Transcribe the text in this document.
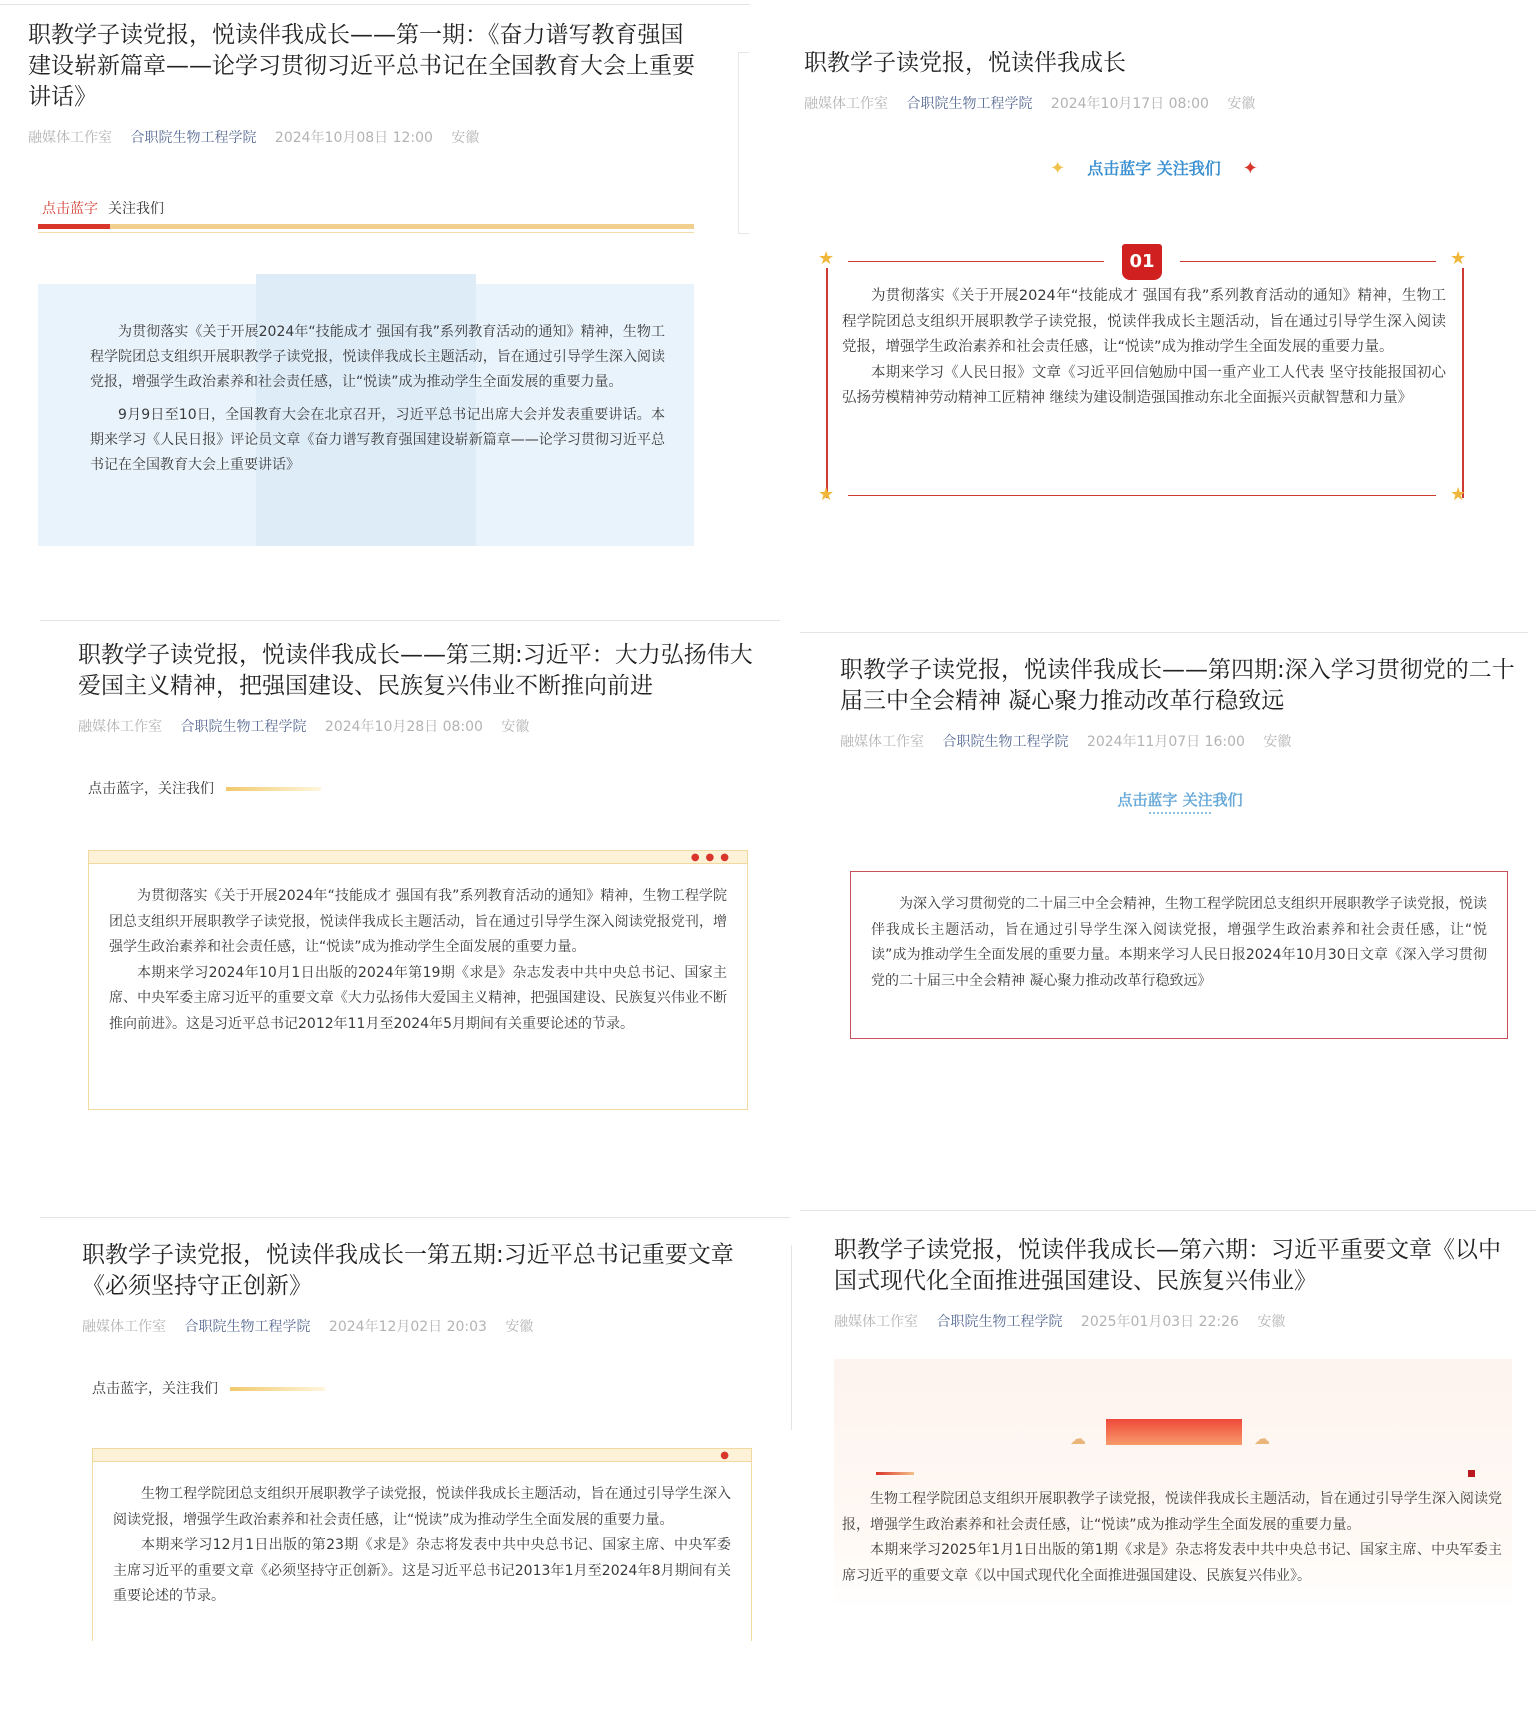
职教学子读党报，悦读伴我成长——第一期：《奋力谱写教育强国建设崭新篇章——论学习贯彻习近平总书记在全国教育大会上重要讲话》
融媒体工作室 合职院生物工程学院 2024年10月08日 12:00 安徽
点击蓝字 关注我们

为贯彻落实《关于开展2024年“技能成才 强国有我”系列教育活动的通知》精神，生物工程学院团总支组织开展职教学子读党报，悦读伴我成长主题活动，旨在通过引导学生深入阅读党报，增强学生政治素养和社会责任感，让“悦读”成为推动学生全面发展的重要力量。

9月9日至10日，全国教育大会在北京召开，习近平总书记出席大会并发表重要讲话。本期来学习《人民日报》评论员文章《奋力谱写教育强国建设崭新篇章——论学习贯彻习近平总书记在全国教育大会上重要讲话》

职教学子读党报，悦读伴我成长
融媒体工作室 合职院生物工程学院 2024年10月17日 08:00 安徽
✦ 点击蓝字 关注我们 ✦
★	★
★	★
01

为贯彻落实《关于开展2024年“技能成才 强国有我”系列教育活动的通知》精神，生物工程学院团总支组织开展职教学子读党报，悦读伴我成长主题活动，旨在通过引导学生深入阅读党报，增强学生政治素养和社会责任感，让“悦读”成为推动学生全面发展的重要力量。

本期来学习《人民日报》文章《习近平回信勉励中国一重产业工人代表 坚守技能报国初心弘扬劳模精神劳动精神工匠精神 继续为建设制造强国推动东北全面振兴贡献智慧和力量》

职教学子读党报，悦读伴我成长——第三期:习近平：大力弘扬伟大爱国主义精神，把强国建设、民族复兴伟业不断推向前进
融媒体工作室 合职院生物工程学院 2024年10月28日 08:00 安徽
点击蓝字，关注我们
●●●

为贯彻落实《关于开展2024年“技能成才 强国有我”系列教育活动的通知》精神，生物工程学院团总支组织开展职教学子读党报，悦读伴我成长主题活动，旨在通过引导学生深入阅读党报党刊，增强学生政治素养和社会责任感，让“悦读”成为推动学生全面发展的重要力量。

本期来学习2024年10月1日出版的2024年第19期《求是》杂志发表中共中央总书记、国家主席、中央军委主席习近平的重要文章《大力弘扬伟大爱国主义精神，把强国建设、民族复兴伟业不断推向前进》。这是习近平总书记2012年11月至2024年5月期间有关重要论述的节录。

职教学子读党报，悦读伴我成长——第四期:深入学习贯彻党的二十届三中全会精神 凝心聚力推动改革行稳致远
融媒体工作室 合职院生物工程学院 2024年11月07日 16:00 安徽
点击蓝字 关注我们

为深入学习贯彻党的二十届三中全会精神，生物工程学院团总支组织开展职教学子读党报，悦读伴我成长主题活动，旨在通过引导学生深入阅读党报，增强学生政治素养和社会责任感，让“悦读”成为推动学生全面发展的重要力量。本期来学习人民日报2024年10月30日文章《深入学习贯彻党的二十届三中全会精神 凝心聚力推动改革行稳致远》

职教学子读党报，悦读伴我成长一第五期:习近平总书记重要文章《必须坚持守正创新》
融媒体工作室 合职院生物工程学院 2024年12月02日 20:03 安徽
点击蓝字，关注我们
●

生物工程学院团总支组织开展职教学子读党报，悦读伴我成长主题活动，旨在通过引导学生深入阅读党报，增强学生政治素养和社会责任感，让“悦读”成为推动学生全面发展的重要力量。

本期来学习12月1日出版的第23期《求是》杂志将发表中共中央总书记、国家主席、中央军委主席习近平的重要文章《必须坚持守正创新》。这是习近平总书记2013年1月至2024年8月期间有关重要论述的节录。

职教学子读党报，悦读伴我成长—第六期：习近平重要文章《以中国式现代化全面推进强国建设、民族复兴伟业》
融媒体工作室 合职院生物工程学院 2025年01月03日 22:26 安徽
☁	☁

生物工程学院团总支组织开展职教学子读党报，悦读伴我成长主题活动，旨在通过引导学生深入阅读党报，增强学生政治素养和社会责任感，让“悦读”成为推动学生全面发展的重要力量。

本期来学习2025年1月1日出版的第1期《求是》杂志将发表中共中央总书记、国家主席、中央军委主席习近平的重要文章《以中国式现代化全面推进强国建设、民族复兴伟业》。
